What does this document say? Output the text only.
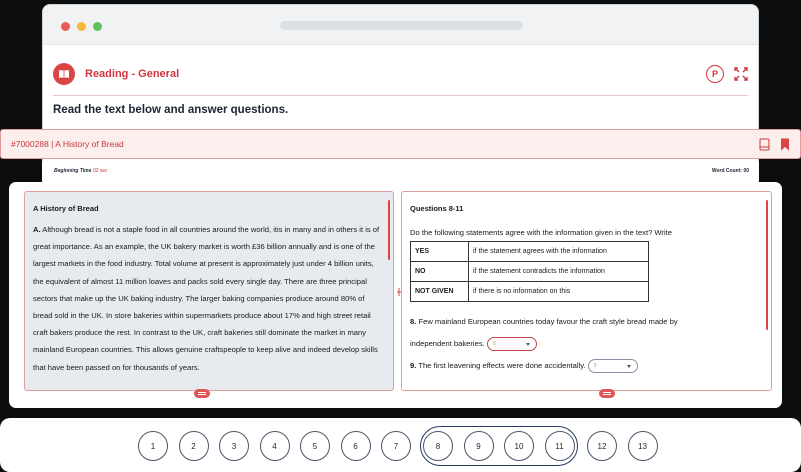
Reading - General	P
Read the text below and answer questions.
#7000288 | A History of Bread
Beginning Time 02 sec	Word Count: 00
A History of Bread
A. Although bread is not a staple food in all countries around the world, itis in many and in others it is of great importance. As an example, the UK bakery market is worth £36 billion annually and is one of the largest markets in the food industry. Total volume at present is approximately just under 4 billion units, the equivalent of almost 11 million loaves and packs sold every single day. There are three principal sectors that make up the UK baking industry. The larger baking companies produce around 80% of bread sold in the UK. In store bakeries within supermarkets produce about 17% and high street retail craft bakers produce the rest. In contrast to the UK, craft bakeries still dominate the market in many mainland European countries. This allows genuine craftspeople to keep alive and indeed develop skills that have been passed on for thousands of years.
Questions 8-11
Do the following statements agree with the information given in the text? Write
YES	if the statement agrees with the information
NO	if the statement contradicts the information
NOT GIVEN	if there is no information on this
8. Few mainland European countries today favour the craft style bread made by
independent bakeries. 8
9. The first leavening effects were done accidentally. 9
1	2	3	4	5	6	7	8	9	10	11	12	13
